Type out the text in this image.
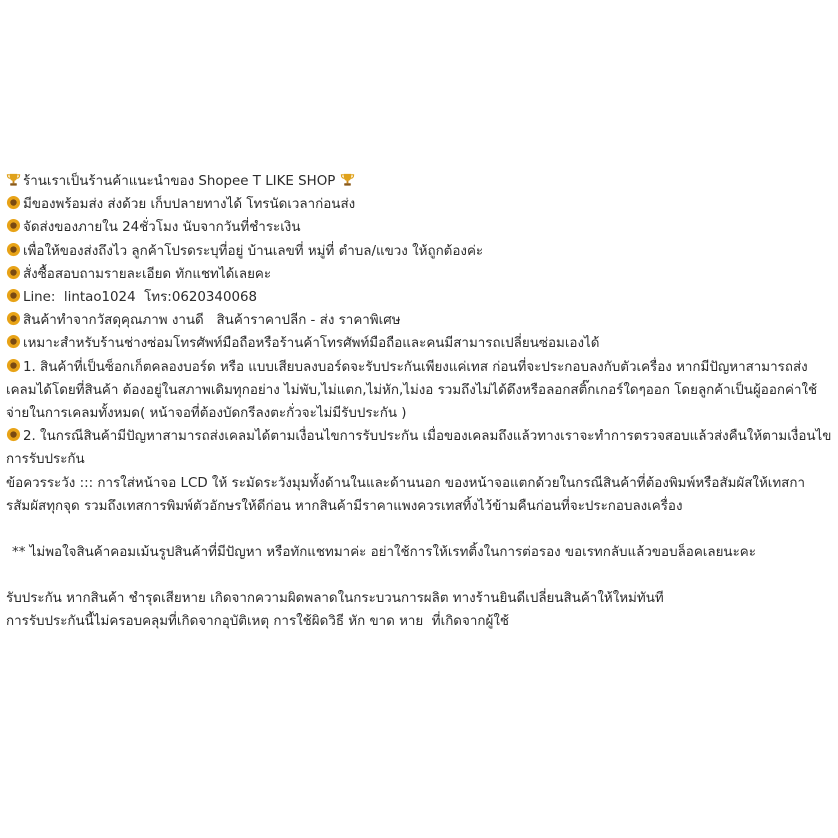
ร้านเราเป็นร้านค้าแนะนำของ Shopee T LIKE SHOP
มีของพร้อมส่ง ส่งด้วย เก็บปลายทางได้ โทรนัดเวลาก่อนส่ง
จัดส่งของภายใน 24ชั่วโมง นับจากวันที่ชำระเงิน
เพื่อให้ของส่งถึงไว ลูกค้าโปรดระบุที่อยู่ บ้านเลขที่ หมู่ที่ ตำบล/แขวง ให้ถูกต้องค่ะ
สั่งซื้อสอบถามรายละเอียด ทักแชทได้เลยคะ
Line:  lintao1024  โทร:0620340068
สินค้าทำจากวัสดุคุณภาพ งานดี   สินค้าราคาปลีก - ส่ง ราคาพิเศษ
เหมาะสำหรับร้านช่างซ่อมโทรศัพท์มือถือหรือร้านค้าโทรศัพท์มือถือและคนมีสามารถเปลี่ยนซ่อมเองได้
1. สินค้าที่เป็นซ็อกเก็ตคลองบอร์ด หรือ แบบเสียบลงบอร์ดจะรับประกันเพียงแค่เทส ก่อนที่จะประกอบลงกับตัวเครื่อง หากมีปัญหาสามารถส่งเคลมได้โดยที่สินค้า ต้องอยู่ในสภาพเดิมทุกอย่าง ไม่พับ,ไม่แตก,ไม่หัก,ไม่งอ รวมถึงไม่ได้ดึงหรือลอกสติ๊กเกอร์ใดๆออก โดยลูกค้าเป็นผู้ออกค่าใช้จ่ายในการเคลมทั้งหมด( หน้าจอที่ต้องบัดกรีลงตะกั่วจะไม่มีรับประกัน )
2. ในกรณีสินค้ามีปัญหาสามารถส่งเคลมได้ตามเงื่อนไขการรับประกัน เมื่อของเคลมถึงแล้วทางเราจะทำการตรวจสอบแล้วส่งคืนให้ตามเงื่อนไขการรับประกัน
ข้อควรระวัง ::: การใส่หน้าจอ LCD ให้ ระมัดระวังมุมทั้งด้านในและด้านนอก ของหน้าจอแตกด้วยในกรณีสินค้าที่ต้องพิมพ์หรือสัมผัสให้เทสการสัมผัสทุกจุด รวมถึงเทสการพิมพ์ตัวอักษรให้ดีก่อน หากสินค้ามีราคาแพงควรเทสทิ้งไว้ข้ามคืนก่อนที่จะประกอบลงเครื่อง
** ไม่พอใจสินค้าคอมเม้นรูปสินค้าที่มีปัญหา หรือทักแชทมาค่ะ อย่าใช้การให้เรทติ้งในการต่อรอง ขอเรทกลับแล้วขอบล็อคเลยนะคะ
รับประกัน หากสินค้า ชำรุดเสียหาย เกิดจากความผิดพลาดในกระบวนการผลิต ทางร้านยินดีเปลี่ยนสินค้าให้ใหม่ทันที
การรับประกันนี้ไม่ครอบคลุมที่เกิดจากอุบัติเหตุ การใช้ผิดวิธี หัก ขาด หาย  ที่เกิดจากผู้ใช้
